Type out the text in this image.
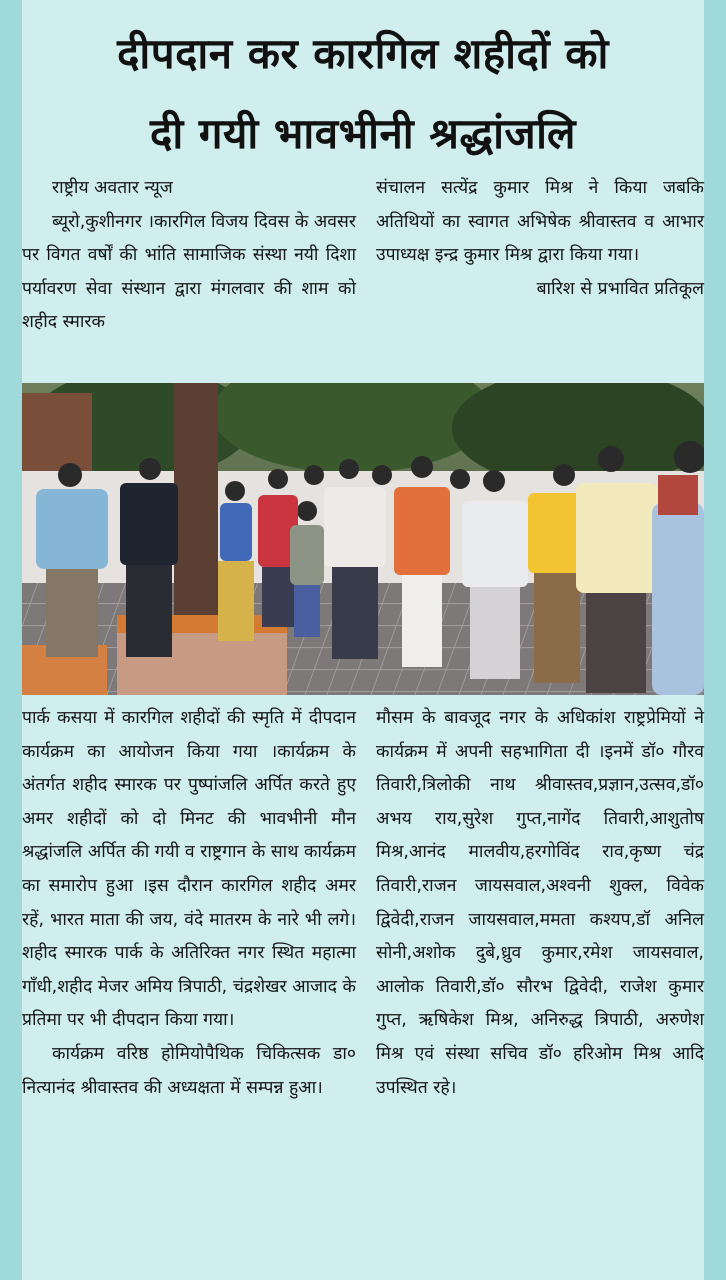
दीपदान कर कारगिल शहीदों को
दी गयी भावभीनी श्रद्धांजलि

राष्ट्रीय अवतार न्यूज

ब्यूरो,कुशीनगर ।कारगिल विजय दिवस के अवसर पर विगत वर्षों की भांति सामाजिक संस्था नयी दिशा पर्यावरण सेवा संस्थान द्वारा मंगलवार की शाम को शहीद स्मारक

संचालन सत्येंद्र कुमार मिश्र ने किया जबकि अतिथियों का स्वागत अभिषेक श्रीवास्तव व आभार उपाध्यक्ष इन्द्र कुमार मिश्र द्वारा किया गया।

बारिश से प्रभावित प्रतिकूल

पार्क कसया में कारगिल शहीदों की स्मृति में दीपदान कार्यक्रम का आयोजन किया गया ।कार्यक्रम के अंतर्गत शहीद स्मारक पर पुष्पांजलि अर्पित करते हुए अमर शहीदों को दो मिनट की भावभीनी मौन श्रद्धांजलि अर्पित की गयी व राष्ट्रगान के साथ कार्यक्रम का समारोप हुआ ।इस दौरान कारगिल शहीद अमर रहें, भारत माता की जय, वंदे मातरम के नारे भी लगे। शहीद स्मारक पार्क के अतिरिक्त नगर स्थित महात्मा गाँधी,शहीद मेजर अमिय त्रिपाठी, चंद्रशेखर आजाद के प्रतिमा पर भी दीपदान किया गया।

कार्यक्रम वरिष्ठ होमियोपैथिक चिकित्सक डा० नित्यानंद श्रीवास्तव की अध्यक्षता में सम्पन्न हुआ।

मौसम के बावजूद नगर के अधिकांश राष्ट्रप्रेमियों ने कार्यक्रम में अपनी सहभागिता दी ।इनमें डॉ० गौरव तिवारी,त्रिलोकी नाथ श्रीवास्तव,प्रज्ञान,उत्सव,डॉ० अभय राय,सुरेश गुप्त,नागेंद तिवारी,आशुतोष मिश्र,आनंद मालवीय,हरगोविंद राव,कृष्ण चंद्र तिवारी,राजन जायसवाल,अश्वनी शुक्ल, विवेक द्विवेदी,राजन जायसवाल,ममता कश्यप,डॉ अनिल सोनी,अशोक दुबे,ध्रुव कुमार,रमेश जायसवाल, आलोक तिवारी,डॉ० सौरभ द्विवेदी, राजेश कुमार गुप्त, ऋषिकेश मिश्र, अनिरुद्ध त्रिपाठी, अरुणेश मिश्र एवं संस्था सचिव डॉ० हरिओम मिश्र आदि उपस्थित रहे।
